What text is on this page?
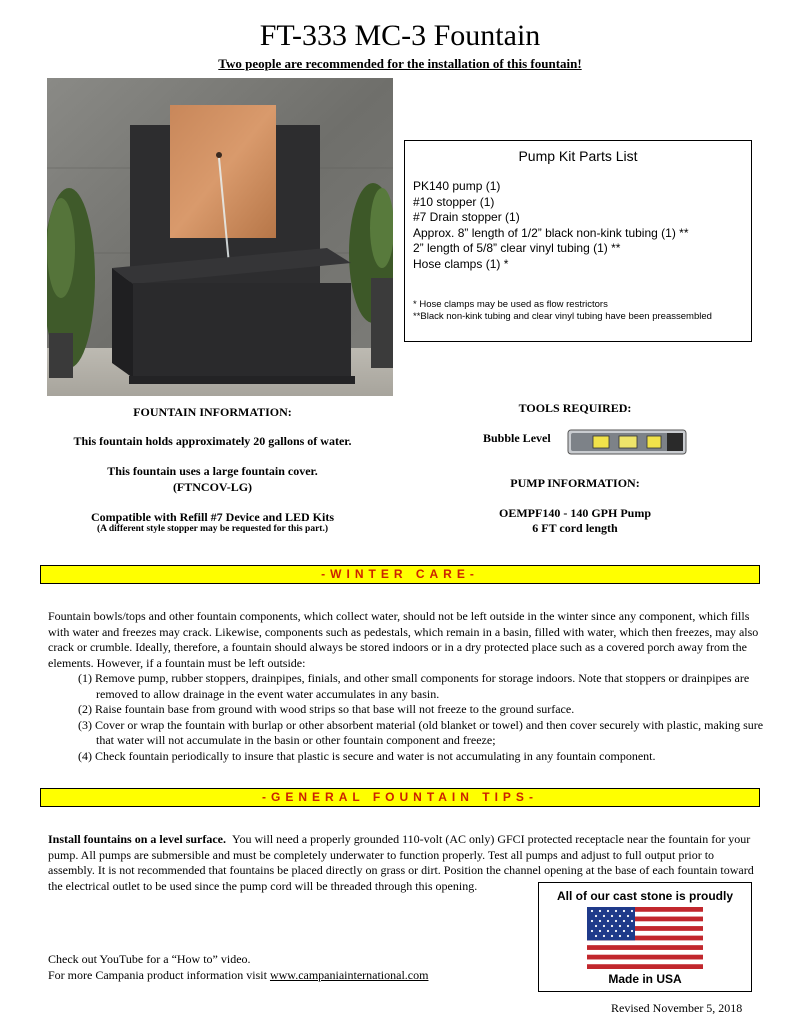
FT-333 MC-3 Fountain
Two people are recommended for the installation of this fountain!
Pump Kit Parts List
PK140 pump (1)
#10 stopper (1)
#7 Drain stopper (1)
Approx. 8” length of 1/2” black non-kink tubing (1) **
2” length of 5/8” clear vinyl tubing (1) **
Hose clamps (1) *
* Hose clamps may be used as flow restrictors
**Black non-kink tubing and clear vinyl tubing have been preassembled
FOUNTAIN INFORMATION:
This fountain holds approximately 20 gallons of water.
This fountain uses a large fountain cover.
(FTNCOV-LG)
Compatible with Refill #7 Device and LED Kits
(A different style stopper may be requested for this part.)
TOOLS REQUIRED:
Bubble Level
PUMP INFORMATION:
OEMPF140 - 140 GPH Pump
6 FT cord length
-WINTER CARE-

Fountain bowls/tops and other fountain components, which collect water, should not be left outside in the winter since any component, which fills with water and freezes may crack. Likewise, components such as pedestals, which remain in a basin, filled with water, which then freezes, may also crack or crumble. Ideally, therefore, a fountain should always be stored indoors or in a dry protected place such as a covered porch away from the elements. However, if a fountain must be left outside:

(1) Remove pump, rubber stoppers, drainpipes, finials, and other small components for storage indoors. Note that stoppers or drainpipes are removed to allow drainage in the event water accumulates in any basin.

(2) Raise fountain base from ground with wood strips so that base will not freeze to the ground surface.

(3) Cover or wrap the fountain with burlap or other absorbent material (old blanket or towel) and then cover securely with plastic, making sure that water will not accumulate in the basin or other fountain component and freeze;

(4) Check fountain periodically to insure that plastic is secure and water is not accumulating in any fountain component.

-GENERAL FOUNTAIN TIPS-
Install fountains on a level surface. You will need a properly grounded 110-volt (AC only) GFCI protected receptacle near the fountain for your pump. All pumps are submersible and must be completely underwater to function properly. Test all pumps and adjust to full output prior to assembly. It is not recommended that fountains be placed directly on grass or dirt. Position the channel opening at the base of each fountain toward the electrical outlet to be used since the pump cord will be threaded through this opening.
All of our cast stone is proudly
Made in USA
Check out YouTube for a “How to” video.
For more Campania product information visit www.campaniainternational.com
Revised November 5, 2018
